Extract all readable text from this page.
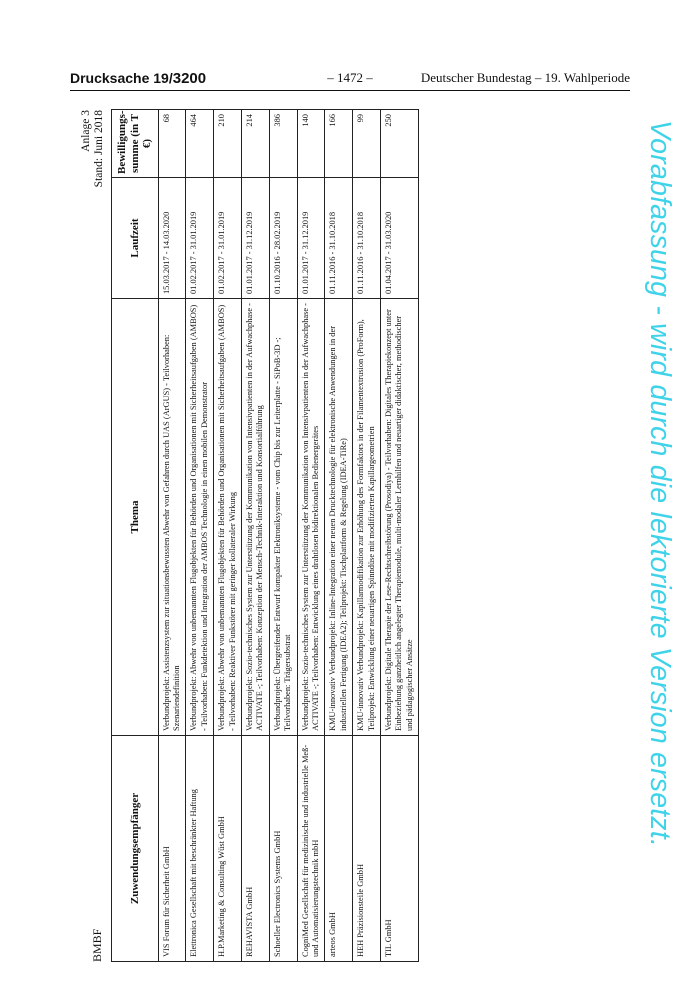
Drucksache 19/3200	– 1472 –	Deutscher Bundestag – 19. Wahlperiode
BMBF
Anlage 3 Stand: Juni 2018
Zuwendungsempfänger	Thema	Laufzeit	Bewilligungs-summe (in T €)
VIS Forum für Sicherheit GmbH	Verbundprojekt: Assistenzsystem zur situationsbewussten Abwehr von Gefahren durch UAS (ArGUS) - Teilvorhaben: Szenariendefinition	15.03.2017 - 14.03.2020	68
Elettronica Gesellschaft mit beschränkter Haftung	Verbundprojekt: Abwehr von unbemannten Flugobjekten für Behörden und Organisationen mit Sicherheitsaufgaben (AMBOS) - Teilvorhaben: Funkdetektion und Integration der AMBOS Technologie in einen mobilen Demonstrator	01.02.2017 - 31.01.2019	464
H.P.Marketing & Consulting Wüst GmbH	Verbundprojekt: Abwehr von unbemannten Flugobjekten für Behörden und Organisationen mit Sicherheitsaufgaben (AMBOS) - Teilvorhaben: Reaktiver Funkstörer mit geringer kollateraler Wirkung	01.02.2017 - 31.01.2019	210
REHAVISTA GmbH	Verbundprojekt: Sozio-technisches System zur Unterstützung der Kommunikation von Intensivpatienten in der Aufwachphase - ACTIVATE -; Teilvorhaben: Konzeption der Mensch-Technik-Interaktion und Konsortialführung	01.01.2017 - 31.12.2019	214
Schoeller Electronics Systems GmbH	Verbundprojekt: Übergreifender Entwurf kompakter Elektroniksysteme - vom Chip bis zur Leiterplatte - SiPoB-3D -; Teilvorhaben: Trägersubstrat	01.10.2016 - 28.02.2019	386
CogniMed Gesellschaft für medizinische und industrielle Meß- und Automatisierungstechnik mbH	Verbundprojekt: Sozio-technisches System zur Unterstützung der Kommunikation von Intensivpatienten in der Aufwachphase - ACTIVATE -; Teilvorhaben: Entwicklung eines drahtlosen bidirektionalen Bedienergerätes	01.01.2017 - 31.12.2019	140
arteos GmbH	KMU-innovativ Verbundprojekt: Inline-Integration einer neuen Drucktechnologie für elektronische Anwendungen in der industriellen Fertigung (IDEA2); Teilprojekt: Tischplattform & Regelung (IDEA-TiRe)	01.11.2016 - 31.10.2018	166
HEH Präzisionsteile GmbH	KMU-innovativ Verbundprojekt: Kapillarmodifikation zur Erhöhung des Formfaktors in der Filamentextrusion (ProForm), Teilprojekt: Entwicklung einer neuartigen Spinndüse mit modifizierten Kapillargeometrien	01.11.2016 - 31.10.2018	99
TIL GmbH	Verbundprojekt: Digitale Therapie der Lese-Rechtschreibstörung (Prosodiya) - Teilvorhaben: Digitales Therapiekonzept unter Einbeziehung ganzheitlich angelegter Therapiemodule, multi-modaler Lernhilfen und neuartiger didaktischer, methodischer und pädagogischer Ansätze	01.04.2017 - 31.03.2020	250	Vorabfassung - wird durch die lektorierte Version ersetzt.
